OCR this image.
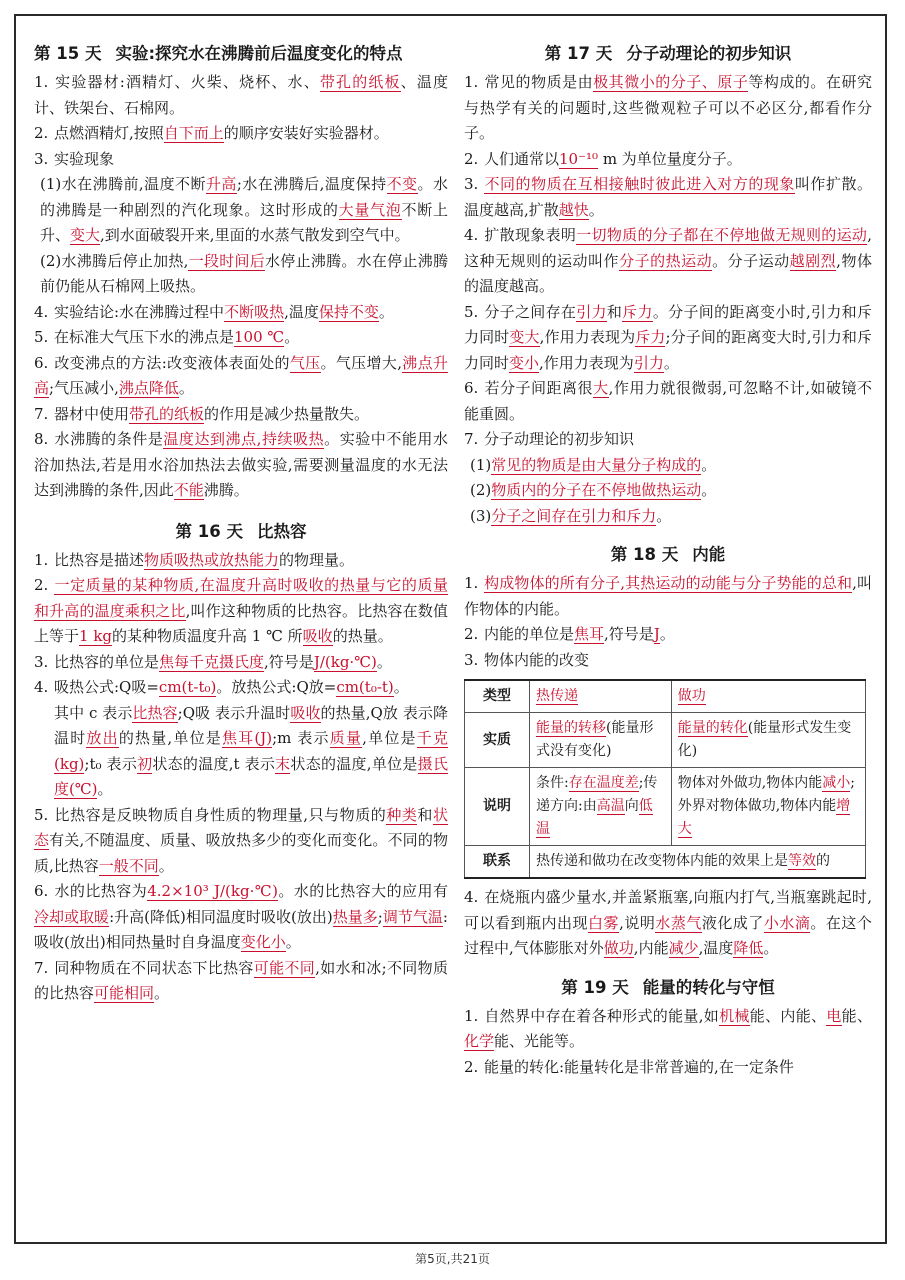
第 15 天 实验:探究水在沸腾前后温度变化的特点

1. 实验器材:酒精灯、火柴、烧杯、水、带孔的纸板、温度计、铁架台、石棉网。

2. 点燃酒精灯,按照自下而上的顺序安装好实验器材。

3. 实验现象

(1)水在沸腾前,温度不断升高;水在沸腾后,温度保持不变。水的沸腾是一种剧烈的汽化现象。这时形成的大量气泡不断上升、变大,到水面破裂开来,里面的水蒸气散发到空气中。

(2)水沸腾后停止加热,一段时间后水停止沸腾。水在停止沸腾前仍能从石棉网上吸热。

4. 实验结论:水在沸腾过程中不断吸热,温度保持不变。

5. 在标准大气压下水的沸点是100 ℃。

6. 改变沸点的方法:改变液体表面处的气压。气压增大,沸点升高;气压减小,沸点降低。

7. 器材中使用带孔的纸板的作用是减少热量散失。

8. 水沸腾的条件是温度达到沸点,持续吸热。实验中不能用水浴加热法,若是用水浴加热法去做实验,需要测量温度的水无法达到沸腾的条件,因此不能沸腾。

第 16 天 比热容

1. 比热容是描述物质吸热或放热能力的物理量。

2. 一定质量的某种物质,在温度升高时吸收的热量与它的质量和升高的温度乘积之比,叫作这种物质的比热容。比热容在数值上等于1 kg的某种物质温度升高 1 ℃ 所吸收的热量。

3. 比热容的单位是焦每千克摄氏度,符号是J/(kg·℃)。

4. 吸热公式:Q吸=cm(t-t₀)。放热公式:Q放=cm(t₀-t)。

其中 c 表示比热容;Q吸 表示升温时吸收的热量,Q放 表示降温时放出的热量,单位是焦耳(J);m 表示质量,单位是千克(kg);t₀ 表示初状态的温度,t 表示末状态的温度,单位是摄氏度(℃)。

5. 比热容是反映物质自身性质的物理量,只与物质的种类和状态有关,不随温度、质量、吸放热多少的变化而变化。不同的物质,比热容一般不同。

6. 水的比热容为4.2×10³ J/(kg·℃)。水的比热容大的应用有冷却或取暖:升高(降低)相同温度时吸收(放出)热量多;调节气温:吸收(放出)相同热量时自身温度变化小。

7. 同种物质在不同状态下比热容可能不同,如水和冰;不同物质的比热容可能相同。

第 17 天 分子动理论的初步知识

1. 常见的物质是由极其微小的分子、原子等构成的。在研究与热学有关的问题时,这些微观粒子可以不必区分,都看作分子。

2. 人们通常以10⁻¹⁰ m 为单位量度分子。

3. 不同的物质在互相接触时彼此进入对方的现象叫作扩散。温度越高,扩散越快。

4. 扩散现象表明一切物质的分子都在不停地做无规则的运动,这种无规则的运动叫作分子的热运动。分子运动越剧烈,物体的温度越高。

5. 分子之间存在引力和斥力。分子间的距离变小时,引力和斥力同时变大,作用力表现为斥力;分子间的距离变大时,引力和斥力同时变小,作用力表现为引力。

6. 若分子间距离很大,作用力就很微弱,可忽略不计,如破镜不能重圆。

7. 分子动理论的初步知识

(1)常见的物质是由大量分子构成的。

(2)物质内的分子在不停地做热运动。

(3)分子之间存在引力和斥力。

第 18 天 内能

1. 构成物体的所有分子,其热运动的动能与分子势能的总和,叫作物体的内能。

2. 内能的单位是焦耳,符号是J。

3. 物体内能的改变

类型	热传递	做功
实质	能量的转移(能量形式没有变化)	能量的转化(能量形式发生变化)
说明	条件:存在温度差;传递方向:由高温向低温	物体对外做功,物体内能减小;外界对物体做功,物体内能增大
联系	热传递和做功在改变物体内能的效果上是等效的	

4. 在烧瓶内盛少量水,并盖紧瓶塞,向瓶内打气,当瓶塞跳起时,可以看到瓶内出现白雾,说明水蒸气液化成了小水滴。在这个过程中,气体膨胀对外做功,内能减少,温度降低。

第 19 天 能量的转化与守恒

1. 自然界中存在着各种形式的能量,如机械能、内能、电能、化学能、光能等。

2. 能量的转化:能量转化是非常普遍的,在一定条件

第5页,共21页
